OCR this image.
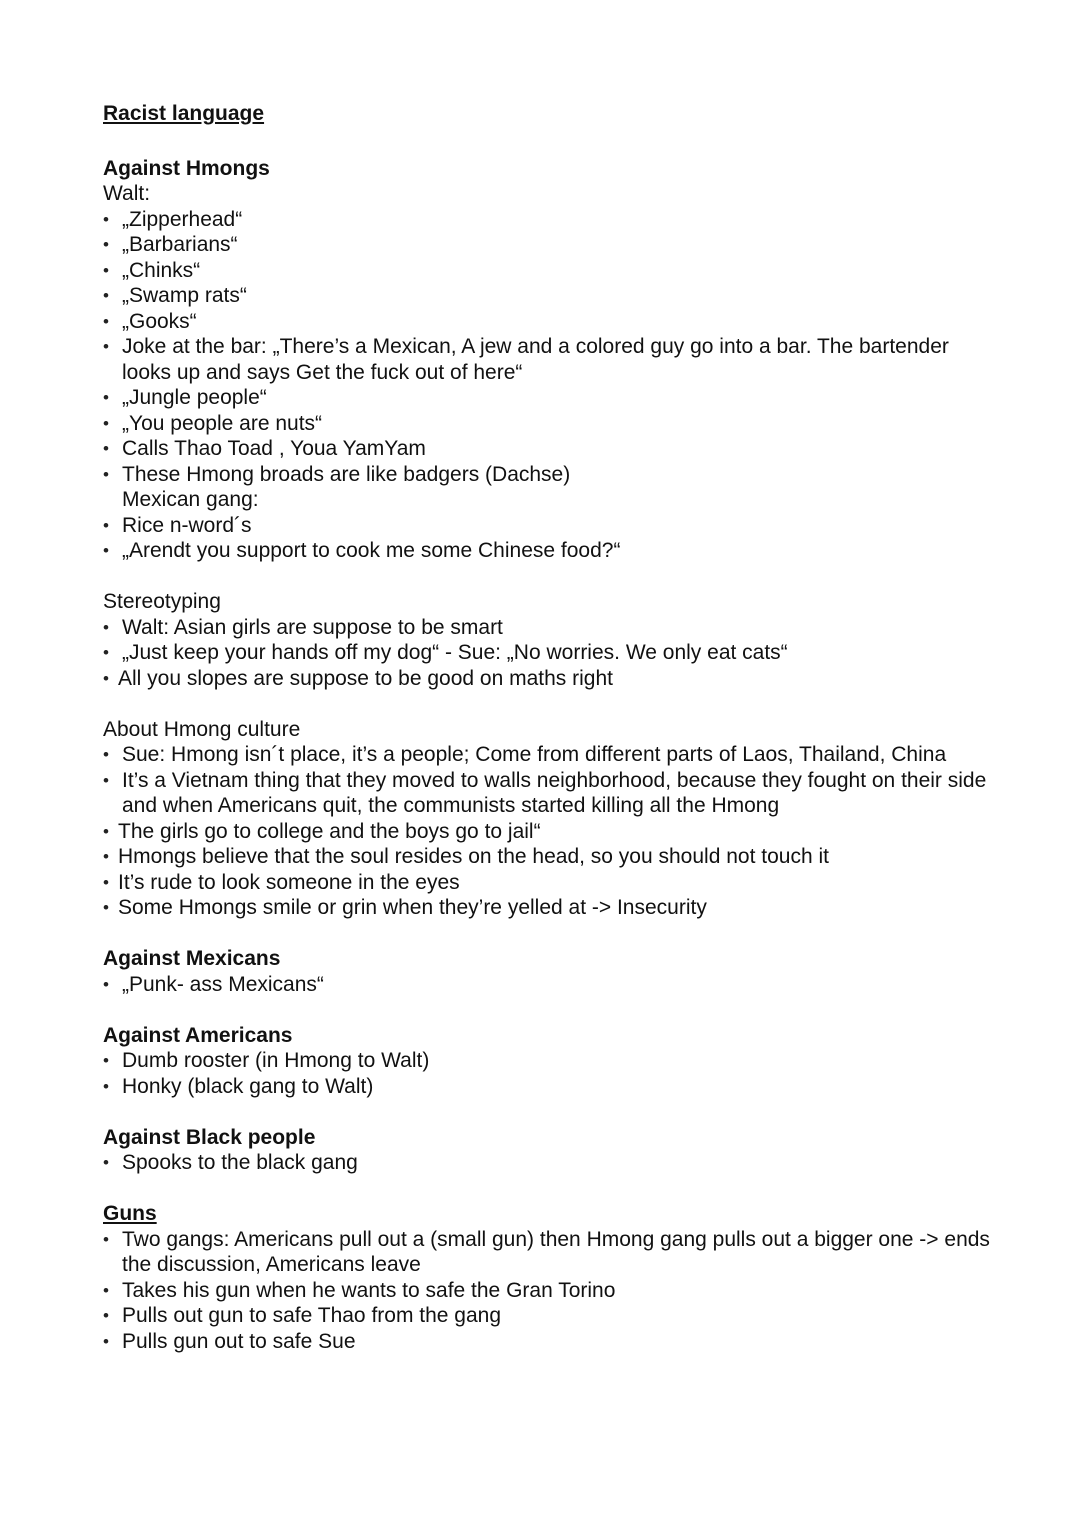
Racist language
Against Hmongs
Walt:
• „Zipperhead“
• „Barbarians“
• „Chinks“
• „Swamp rats“
• „Gooks“
• Joke at the bar: „There’s a Mexican, A jew and a colored guy go into a bar. The bartender looks up and says Get the fuck out of here“
• „Jungle people“
• „You people are nuts“
• Calls Thao Toad , Youa YamYam
• These Hmong broads are like badgers (Dachse)
Mexican gang:
• Rice n-word´s
• „Arendt you support to cook me some Chinese food?“
Stereotyping
• Walt: Asian girls are suppose to be smart
• „Just keep your hands off my dog“ - Sue: „No worries. We only eat cats“
• All you slopes are suppose to be good on maths right
About Hmong culture
• Sue: Hmong isn´t place, it’s a people; Come from different parts of Laos, Thailand, China
• It’s a Vietnam thing that they moved to walls neighborhood, because they fought on their side and when Americans quit, the communists started killing all the Hmong
• The girls go to college and the boys go to jail“
• Hmongs believe that the soul resides on the head, so you should not touch it
• It’s rude to look someone in the eyes
• Some Hmongs smile or grin when they’re yelled at -> Insecurity
Against Mexicans
• „Punk- ass Mexicans“
Against Americans
• Dumb rooster (in Hmong to Walt)
• Honky (black gang to Walt)
Against Black people
• Spooks to the black gang
Guns
• Two gangs: Americans pull out a (small gun) then Hmong gang pulls out a bigger one -> ends the discussion, Americans leave
• Takes his gun when he wants to safe the Gran Torino
• Pulls out gun to safe Thao from the gang
• Pulls gun out to safe Sue
